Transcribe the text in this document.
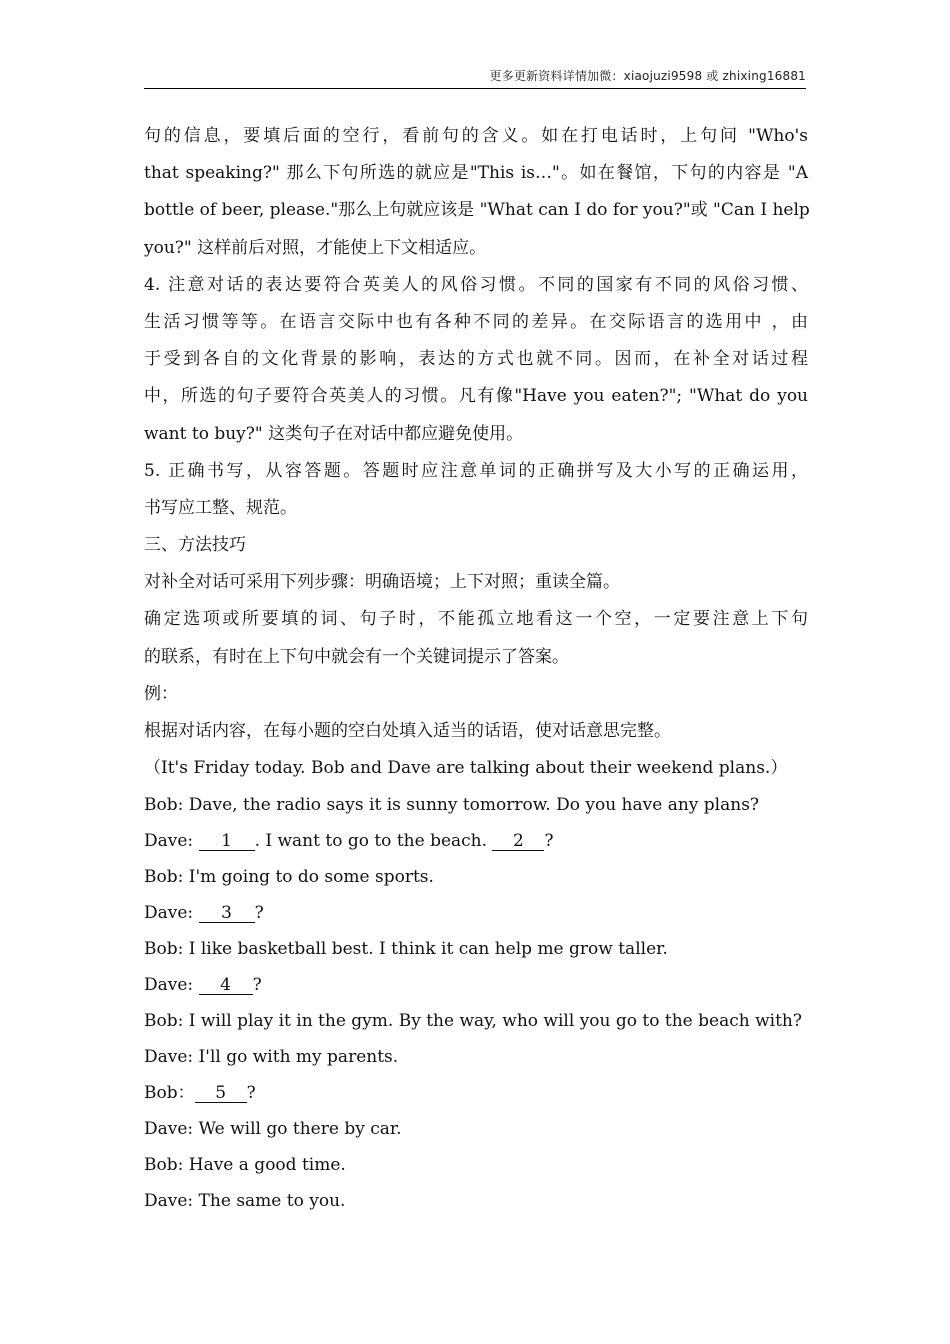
更多更新资料详情加微：xiaojuzi9598 或 zhixing16881
句的信息，要填后面的空行，看前句的含义。如在打电话时，上句问 "Who's
that speaking?" 那么下句所选的就应是"This is…"。如在餐馆，下句的内容是 "A
bottle of beer, please."那么上句就应该是 "What can I do for you?"或 "Can I help
you?" 这样前后对照，才能使上下文相适应。
4. 注意对话的表达要符合英美人的风俗习惯。不同的国家有不同的风俗习惯、
生活习惯等等。在语言交际中也有各种不同的差异。在交际语言的选用中 ，由
于受到各自的文化背景的影响，表达的方式也就不同。因而，在补全对话过程
中，所选的句子要符合英美人的习惯。凡有像"Have you eaten?"; "What do you
want to buy?" 这类句子在对话中都应避免使用。
5. 正确书写，从容答题。答题时应注意单词的正确拼写及大小写的正确运用，
书写应工整、规范。
三、方法技巧
对补全对话可采用下列步骤：明确语境；上下对照；重读全篇。
确定选项或所要填的词、句子时，不能孤立地看这一个空，一定要注意上下句
的联系，有时在上下句中就会有一个关键词提示了答案。
例：
根据对话内容，在每小题的空白处填入适当的话语，使对话意思完整。
（It's Friday today. Bob and Dave are talking about their weekend plans.）
Bob: Dave, the radio says it is sunny tomorrow. Do you have any plans?
Dave: 1 . I want to go to the beach. 2 ?
Bob: I'm going to do some sports.
Dave: 3 ?
Bob: I like basketball best. I think it can help me grow taller.
Dave: 4 ?
Bob: I will play it in the gym. By the way, who will you go to the beach with?
Dave: I'll go with my parents.
Bob： 5 ?
Dave: We will go there by car.
Bob: Have a good time.
Dave: The same to you.
